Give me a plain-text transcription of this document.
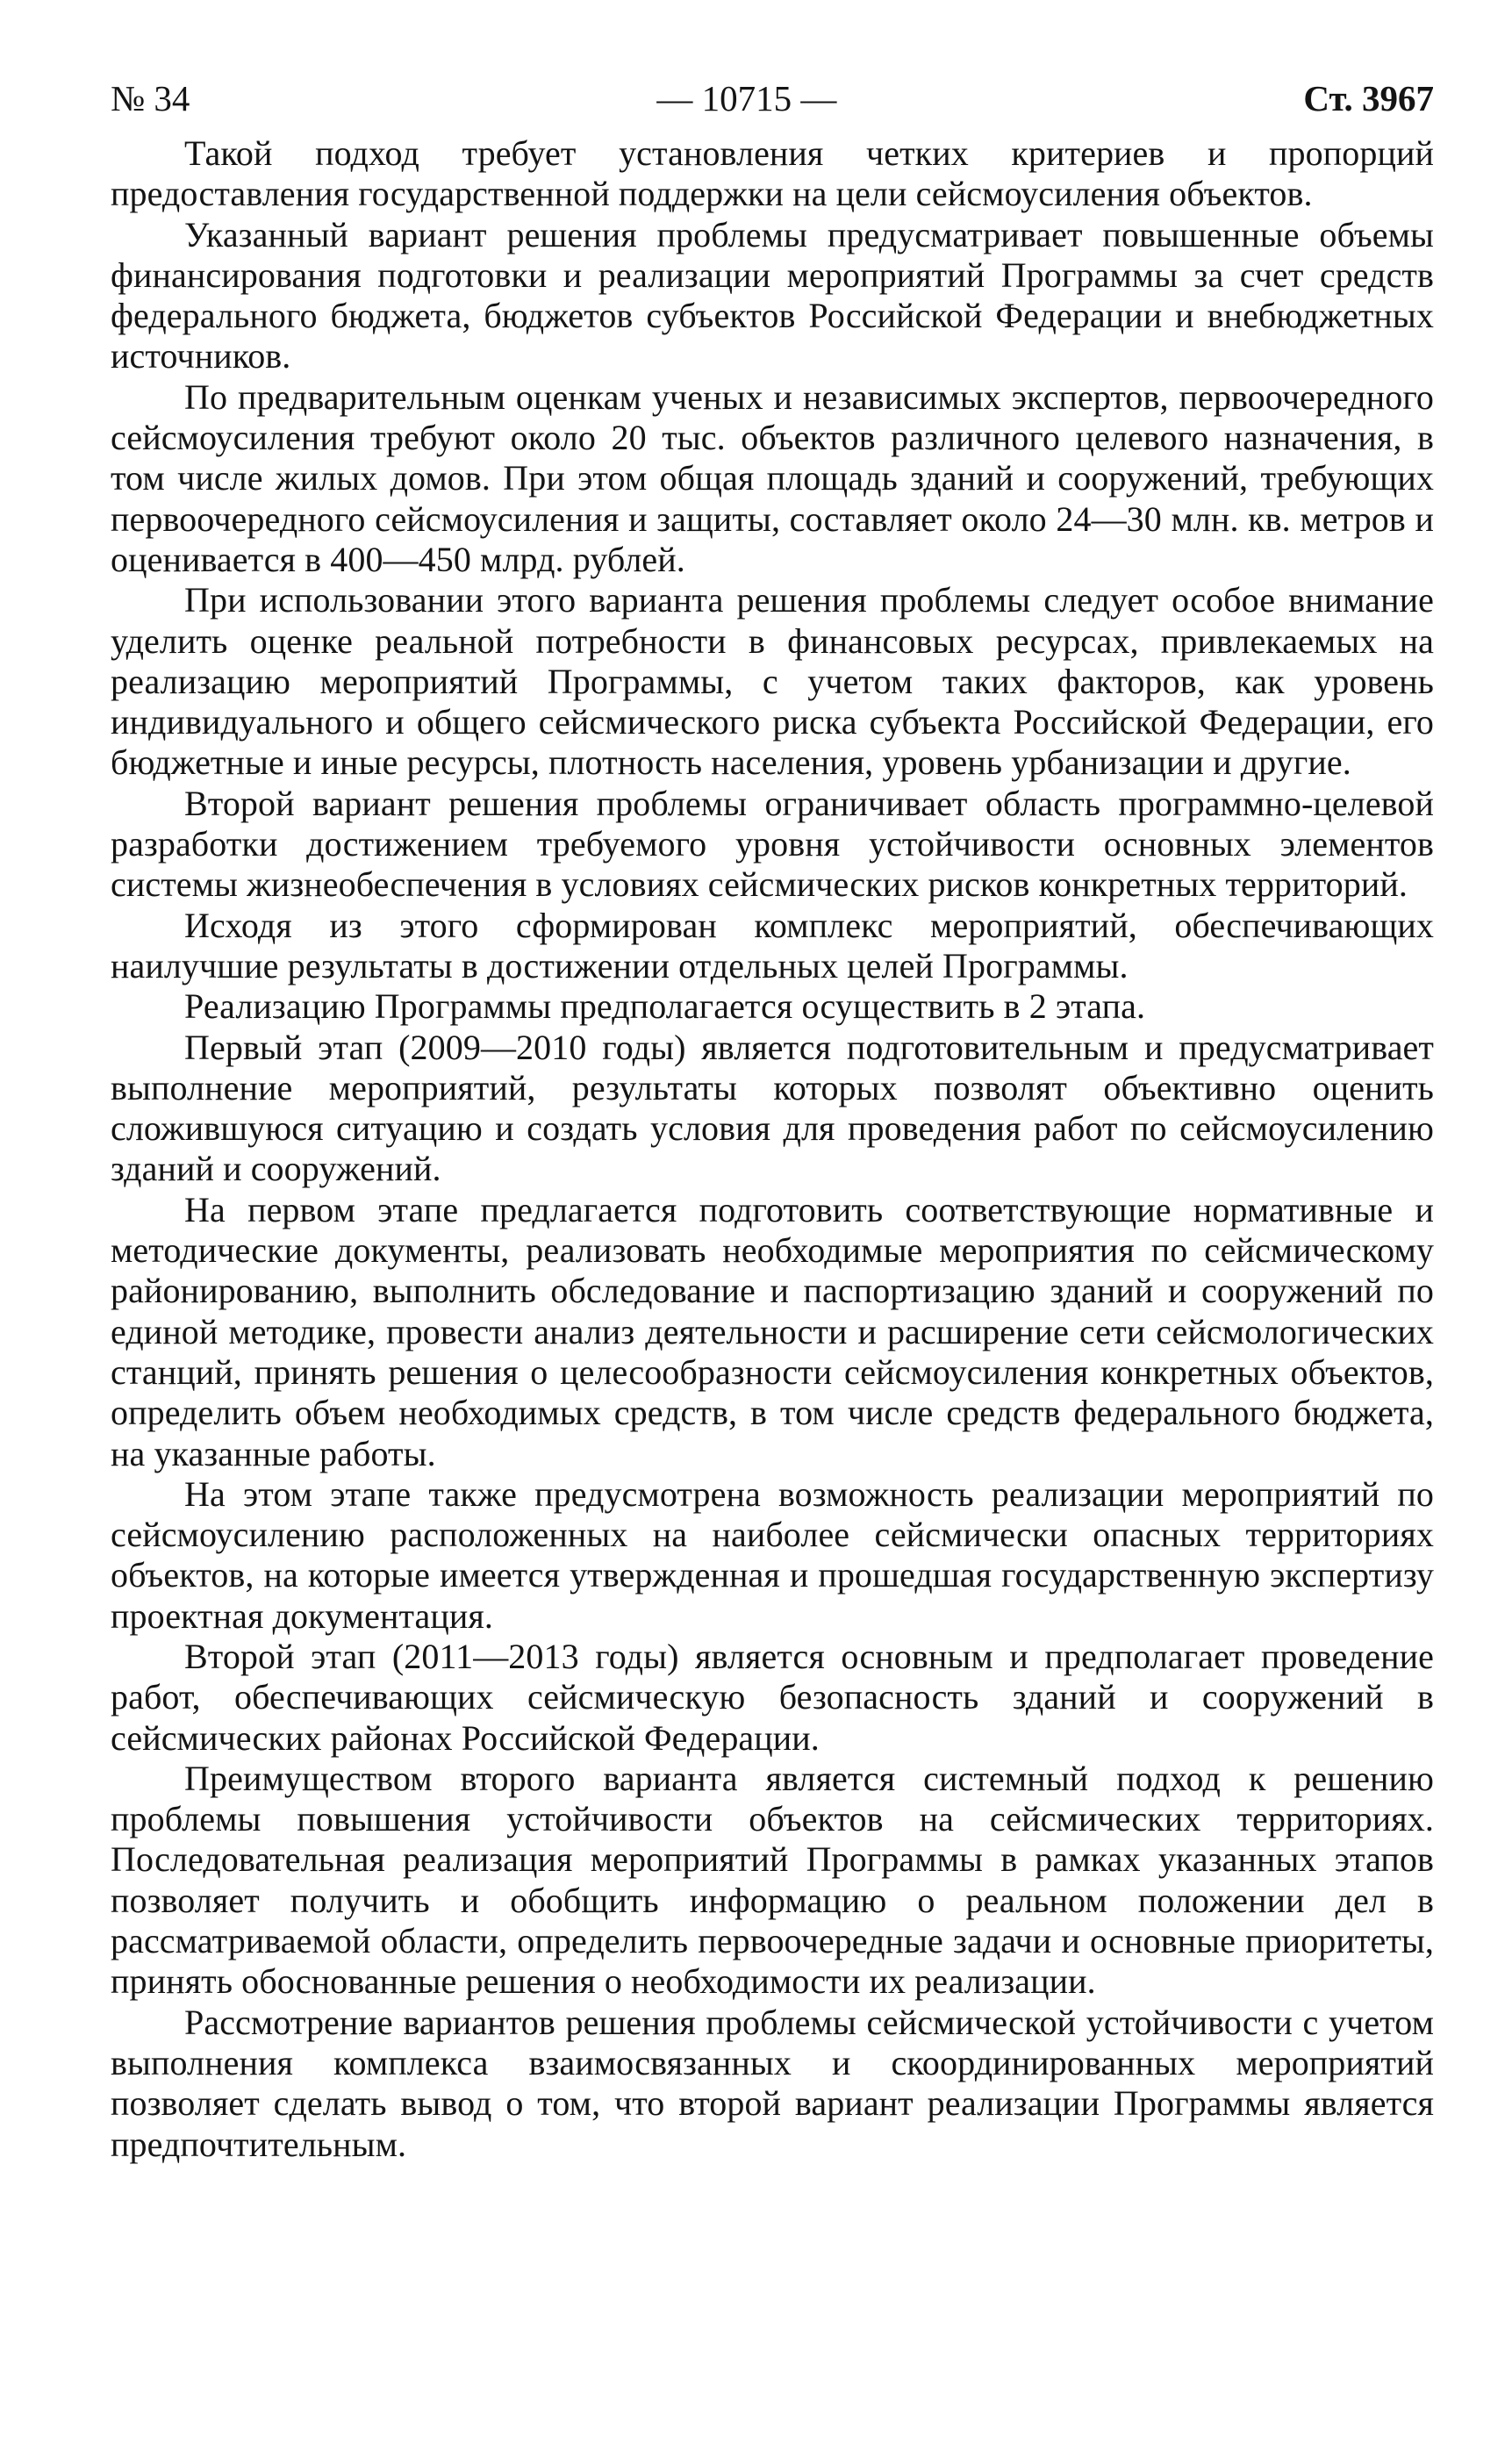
№ 34	— 10715 —	Ст. 3967

Такой подход требует установления четких критериев и пропорций предоставления государственной поддержки на цели сейсмоусиления объектов.

Указанный вариант решения проблемы предусматривает повышенные объемы финансирования подготовки и реализации мероприятий Программы за счет средств федерального бюджета, бюджетов субъектов Российской Федерации и внебюджетных источников.

По предварительным оценкам ученых и независимых экспертов, первоочередного сейсмоусиления требуют около 20 тыс. объектов различного целевого назначения, в том числе жилых домов. При этом общая площадь зданий и сооружений, требующих первоочередного сейсмоусиления и защиты, составляет около 24—30 млн. кв. метров и оценивается в 400—450 млрд. рублей.

При использовании этого варианта решения проблемы следует особое внимание уделить оценке реальной потребности в финансовых ресурсах, привлекаемых на реализацию мероприятий Программы, с учетом таких факторов, как уровень индивидуального и общего сейсмического риска субъекта Российской Федерации, его бюджетные и иные ресурсы, плотность населения, уровень урбанизации и другие.

Второй вариант решения проблемы ограничивает область программно-целевой разработки достижением требуемого уровня устойчивости основных элементов системы жизнеобеспечения в условиях сейсмических рисков конкретных территорий.

Исходя из этого сформирован комплекс мероприятий, обеспечивающих наилучшие результаты в достижении отдельных целей Программы.

Реализацию Программы предполагается осуществить в 2 этапа.

Первый этап (2009—2010 годы) является подготовительным и предусматривает выполнение мероприятий, результаты которых позволят объективно оценить сложившуюся ситуацию и создать условия для проведения работ по сейсмоусилению зданий и сооружений.

На первом этапе предлагается подготовить соответствующие нормативные и методические документы, реализовать необходимые мероприятия по сейсмическому районированию, выполнить обследование и паспортизацию зданий и сооружений по единой методике, провести анализ деятельности и расширение сети сейсмологических станций, принять решения о целесообразности сейсмоусиления конкретных объектов, определить объем необходимых средств, в том числе средств федерального бюджета, на указанные работы.

На этом этапе также предусмотрена возможность реализации мероприятий по сейсмоусилению расположенных на наиболее сейсмически опасных территориях объектов, на которые имеется утвержденная и прошедшая государственную экспертизу проектная документация.

Второй этап (2011—2013 годы) является основным и предполагает проведение работ, обеспечивающих сейсмическую безопасность зданий и сооружений в сейсмических районах Российской Федерации.

Преимуществом второго варианта является системный подход к решению проблемы повышения устойчивости объектов на сейсмических территориях. Последовательная реализация мероприятий Программы в рамках указанных этапов позволяет получить и обобщить информацию о реальном положении дел в рассматриваемой области, определить первоочередные задачи и основные приоритеты, принять обоснованные решения о необходимости их реализации.

Рассмотрение вариантов решения проблемы сейсмической устойчивости с учетом выполнения комплекса взаимосвязанных и скоординированных мероприятий позволяет сделать вывод о том, что второй вариант реализации Программы является предпочтительным.
